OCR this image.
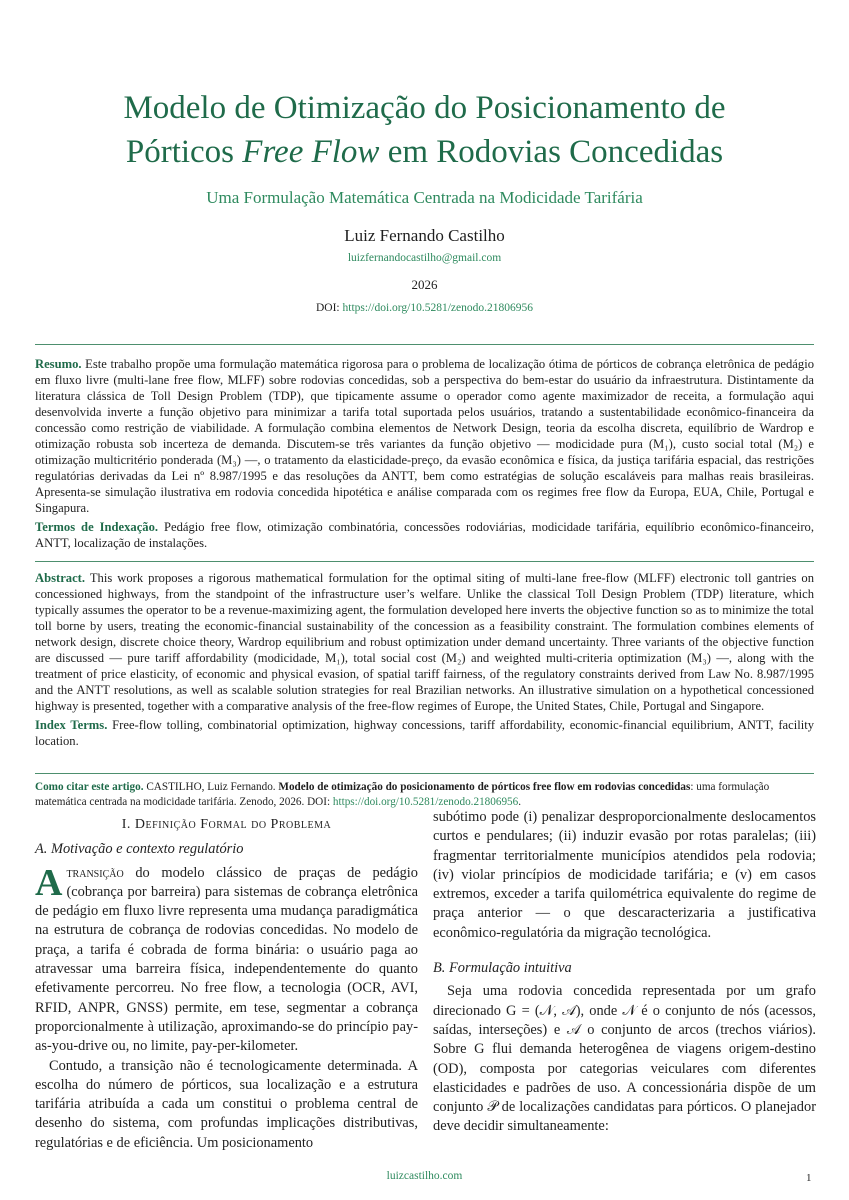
Modelo de Otimização do Posicionamento de
Pórticos Free Flow em Rodovias Concedidas
Uma Formulação Matemática Centrada na Modicidade Tarifária
Luiz Fernando Castilho
luizfernandocastilho@gmail.com
2026
DOI: https://doi.org/10.5281/zenodo.21806956
Resumo. Este trabalho propõe uma formulação matemática rigorosa para o problema de localização ótima de pórticos de cobrança eletrônica de pedágio em fluxo livre (multi-lane free flow, MLFF) sobre rodovias concedidas, sob a perspectiva do bem-estar do usuário da infraestrutura. Distintamente da literatura clássica de Toll Design Problem (TDP), que tipicamente assume o operador como agente maximizador de receita, a formulação aqui desenvolvida inverte a função objetivo para minimizar a tarifa total suportada pelos usuários, tratando a sustentabilidade econômico-financeira da concessão como restrição de viabilidade. A formulação combina elementos de Network Design, teoria da escolha discreta, equilíbrio de Wardrop e otimização robusta sob incerteza de demanda. Discutem-se três variantes da função objetivo — modicidade pura (M₁), custo social total (M₂) e otimização multicritério ponderada (M₃) —, o tratamento da elasticidade-preço, da evasão econômica e física, da justiça tarifária espacial, das restrições regulatórias derivadas da Lei nº 8.987/1995 e das resoluções da ANTT, bem como estratégias de solução escaláveis para malhas reais brasileiras. Apresenta-se simulação ilustrativa em rodovia concedida hipotética e análise comparada com os regimes free flow da Europa, EUA, Chile, Portugal e Singapura.
Termos de Indexação. Pedágio free flow, otimização combinatória, concessões rodoviárias, modicidade tarifária, equilíbrio econômico-financeiro, ANTT, localização de instalações.
Abstract. This work proposes a rigorous mathematical formulation for the optimal siting of multi-lane free-flow (MLFF) electronic toll gantries on concessioned highways, from the standpoint of the infrastructure user’s welfare. Unlike the classical Toll Design Problem (TDP) literature, which typically assumes the operator to be a revenue-maximizing agent, the formulation developed here inverts the objective function so as to minimize the total toll borne by users, treating the economic-financial sustainability of the concession as a feasibility constraint. The formulation combines elements of network design, discrete choice theory, Wardrop equilibrium and robust optimization under demand uncertainty. Three variants of the objective function are discussed — pure tariff affordability (modicidade, M₁), total social cost (M₂) and weighted multi-criteria optimization (M₃) —, along with the treatment of price elasticity, of economic and physical evasion, of spatial tariff fairness, of the regulatory constraints derived from Law No. 8.987/1995 and the ANTT resolutions, as well as scalable solution strategies for real Brazilian networks. An illustrative simulation on a hypothetical concessioned highway is presented, together with a comparative analysis of the free-flow regimes of Europe, the United States, Chile, Portugal and Singapore.
Index Terms. Free-flow tolling, combinatorial optimization, highway concessions, tariff affordability, economic-financial equilibrium, ANTT, facility location.
Como citar este artigo. CASTILHO, Luiz Fernando. Modelo de otimização do posicionamento de pórticos free flow em rodovias concedidas: uma formulação matemática centrada na modicidade tarifária. Zenodo, 2026. DOI: https://doi.org/10.5281/zenodo.21806956.
I. Definição Formal do Problema
A. Motivação e contexto regulatório

Atransição do modelo clássico de praças de pedágio (cobrança por barreira) para sistemas de cobrança eletrônica de pedágio em fluxo livre representa uma mudança paradigmática na estrutura de cobrança de rodovias concedidas. No modelo de praça, a tarifa é cobrada de forma binária: o usuário paga ao atravessar uma barreira física, independentemente do quanto efetivamente percorreu. No free flow, a tecnologia (OCR, AVI, RFID, ANPR, GNSS) permite, em tese, segmentar a cobrança proporcionalmente à utilização, aproximando-se do princípio pay-as-you-drive ou, no limite, pay-per-kilometer.

Contudo, a transição não é tecnologicamente determinada. A escolha do número de pórticos, sua localização e a estrutura tarifária atribuída a cada um constitui o problema central de desenho do sistema, com profundas implicações distributivas, regulatórias e de eficiência. Um posicionamento

subótimo pode (i) penalizar desproporcionalmente deslocamentos curtos e pendulares; (ii) induzir evasão por rotas paralelas; (iii) fragmentar territorialmente municípios atendidos pela rodovia; (iv) violar princípios de modicidade tarifária; e (v) em casos extremos, exceder a tarifa quilométrica equivalente do regime de praça anterior — o que descaracterizaria a justificativa econômico-regulatória da migração tecnológica.

B. Formulação intuitiva

Seja uma rodovia concedida representada por um grafo direcionado G = (𝒩, 𝒜), onde 𝒩 é o conjunto de nós (acessos, saídas, interseções) e 𝒜 o conjunto de arcos (trechos viários). Sobre G flui demanda heterogênea de viagens origem-destino (OD), composta por categorias veiculares com diferentes elasticidades e padrões de uso. A concessionária dispõe de um conjunto 𝒫 de localizações candidatas para pórticos. O planejador deve decidir simultaneamente:

luizcastilho.com	1
